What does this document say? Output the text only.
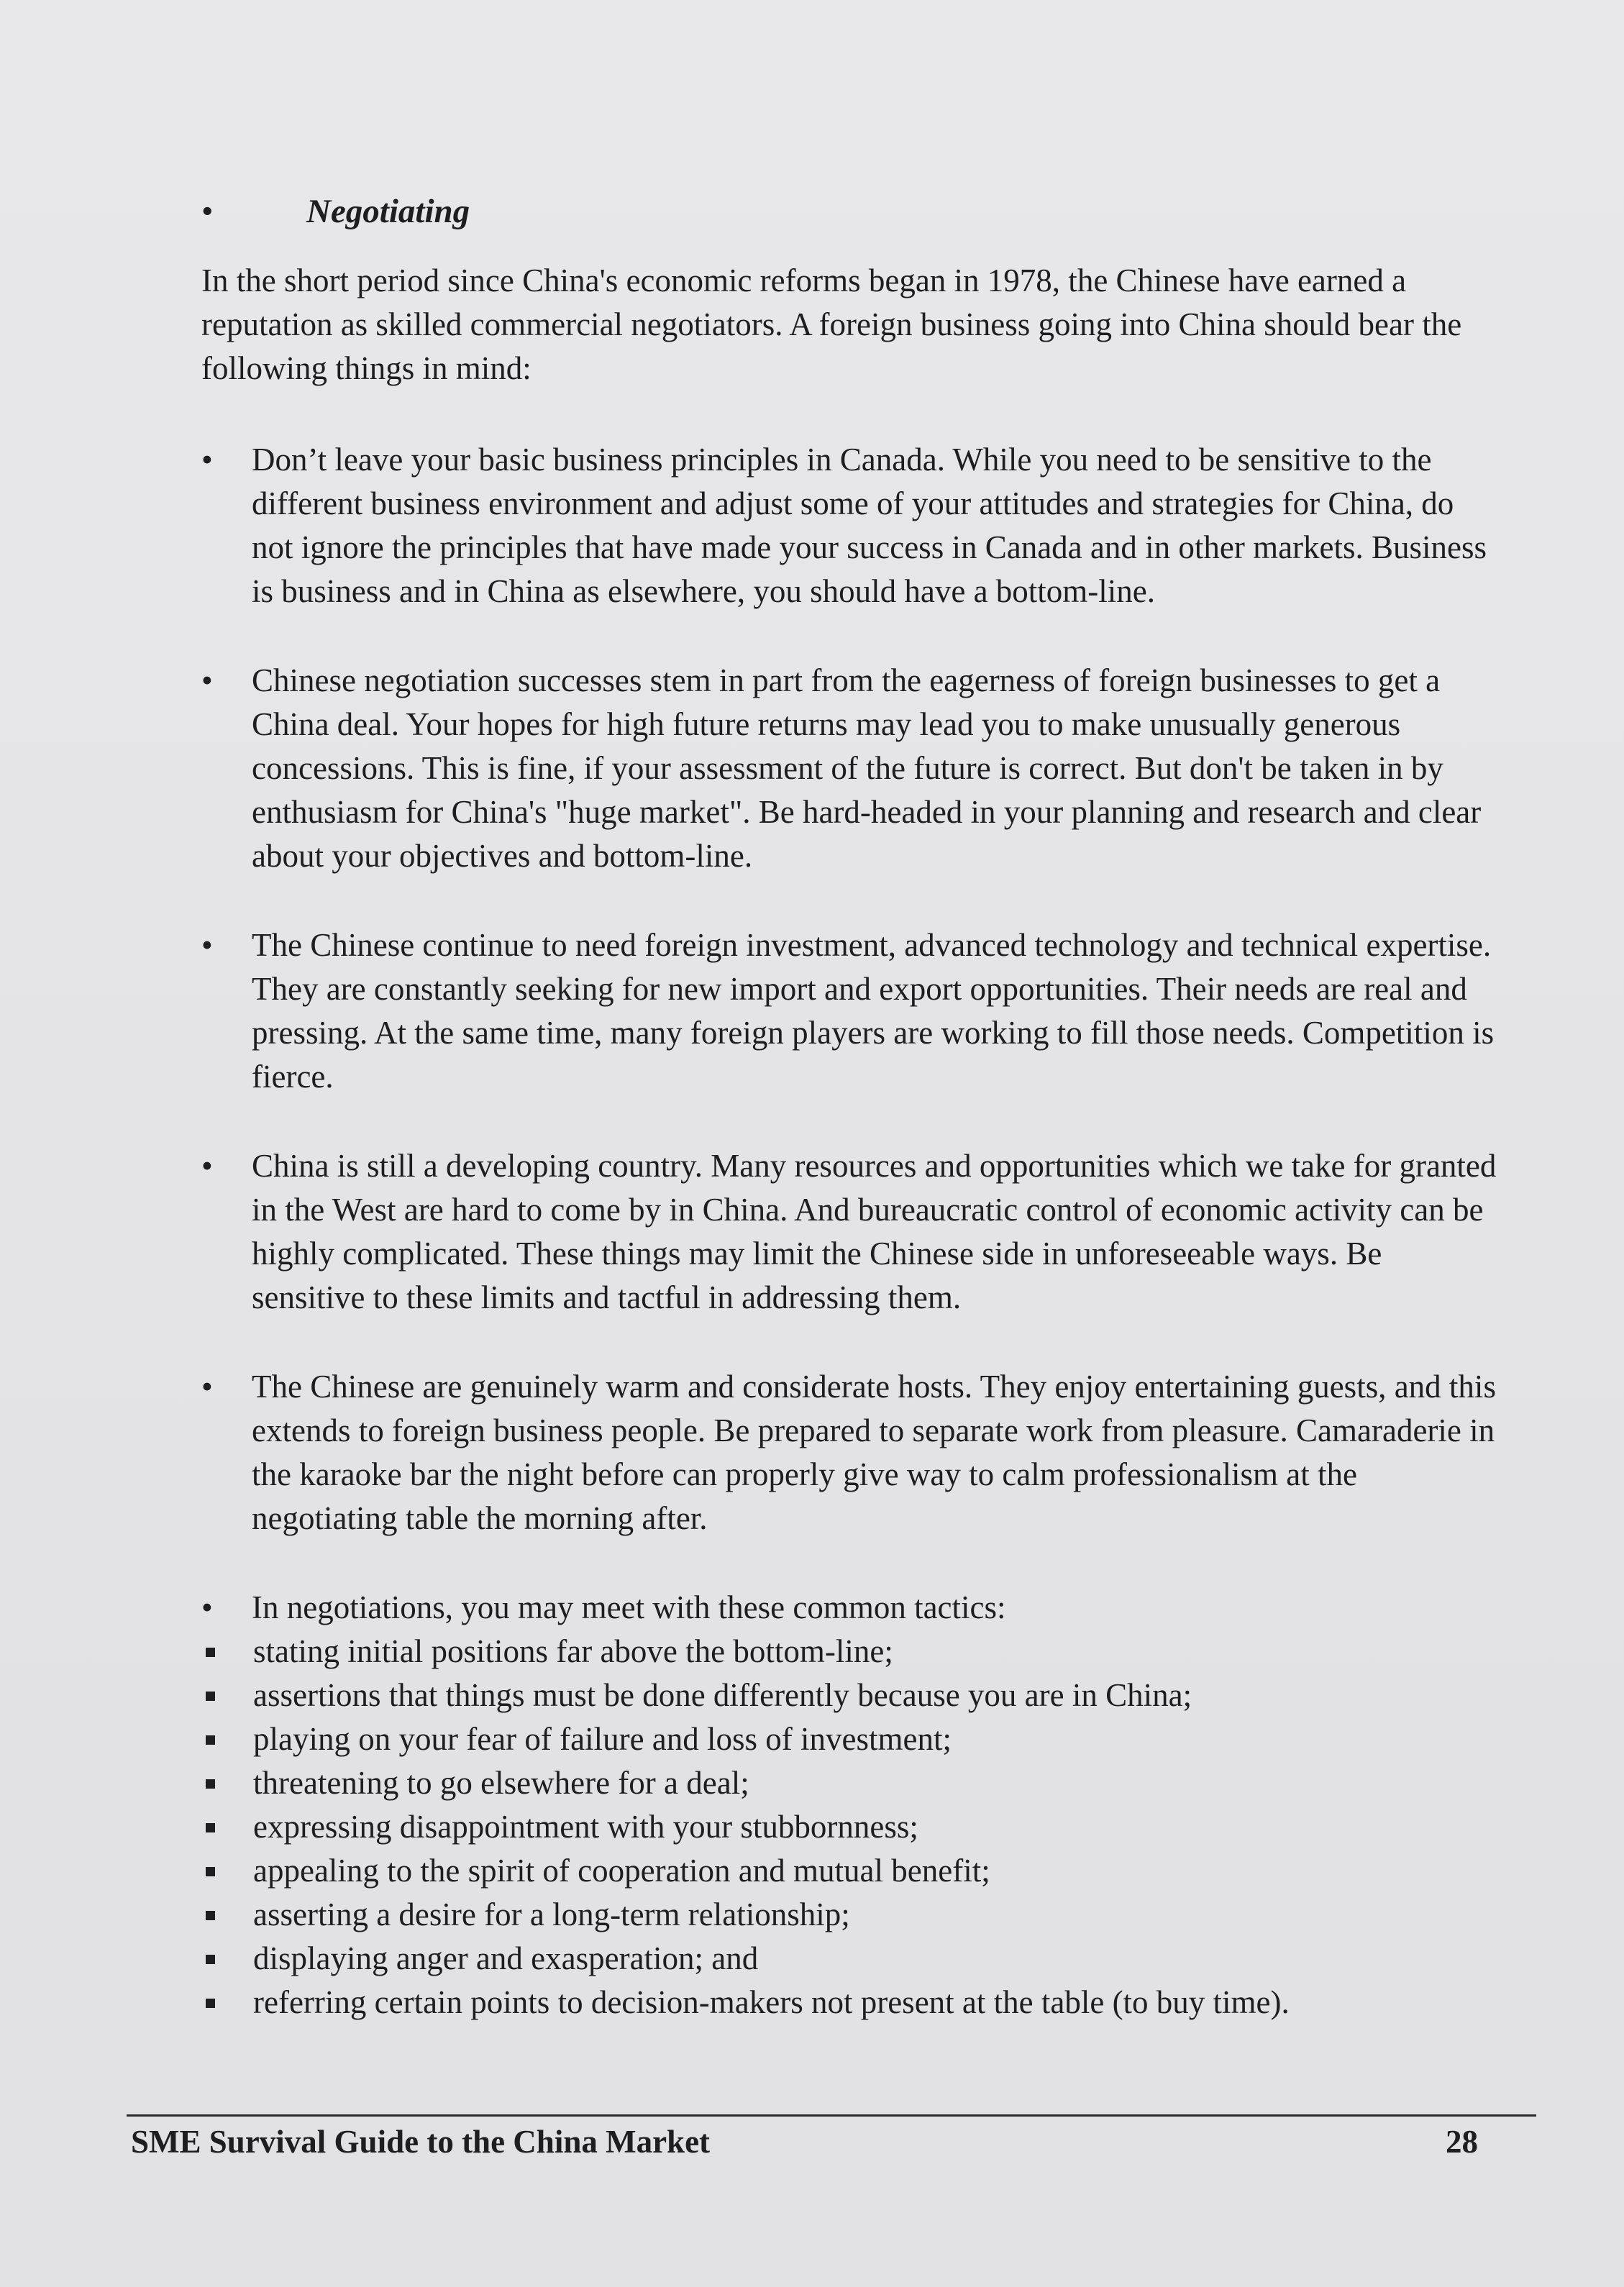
•	Negotiating

In the short period since China's economic reforms began in 1978, the Chinese have earned a reputation as skilled commercial negotiators. A foreign business going into China should bear the following things in mind:

• Don’t leave your basic business principles in Canada. While you need to be sensitive to the different business environment and adjust some of your attitudes and strategies for China, do not ignore the principles that have made your success in Canada and in other markets. Business is business and in China as elsewhere, you should have a bottom-line.
• Chinese negotiation successes stem in part from the eagerness of foreign businesses to get a China deal. Your hopes for high future returns may lead you to make unusually generous concessions. This is fine, if your assessment of the future is correct. But don't be taken in by enthusiasm for China's "huge market". Be hard-headed in your planning and research and clear about your objectives and bottom-line.
• The Chinese continue to need foreign investment, advanced technology and technical expertise. They are constantly seeking for new import and export opportunities. Their needs are real and pressing. At the same time, many foreign players are working to fill those needs. Competition is fierce.
• China is still a developing country. Many resources and opportunities which we take for granted in the West are hard to come by in China. And bureaucratic control of economic activity can be highly complicated. These things may limit the Chinese side in unforeseeable ways. Be sensitive to these limits and tactful in addressing them.
• The Chinese are genuinely warm and considerate hosts. They enjoy entertaining guests, and this extends to foreign business people. Be prepared to separate work from pleasure. Camaraderie in the karaoke bar the night before can properly give way to calm professionalism at the negotiating table the morning after.
• In negotiations, you may meet with these common tactics:
stating initial positions far above the bottom-line;
assertions that things must be done differently because you are in China;
playing on your fear of failure and loss of investment;
threatening to go elsewhere for a deal;
expressing disappointment with your stubbornness;
appealing to the spirit of cooperation and mutual benefit;
asserting a desire for a long-term relationship;
displaying anger and exasperation; and
referring certain points to decision-makers not present at the table (to buy time).
SME Survival Guide to the China Market	28
